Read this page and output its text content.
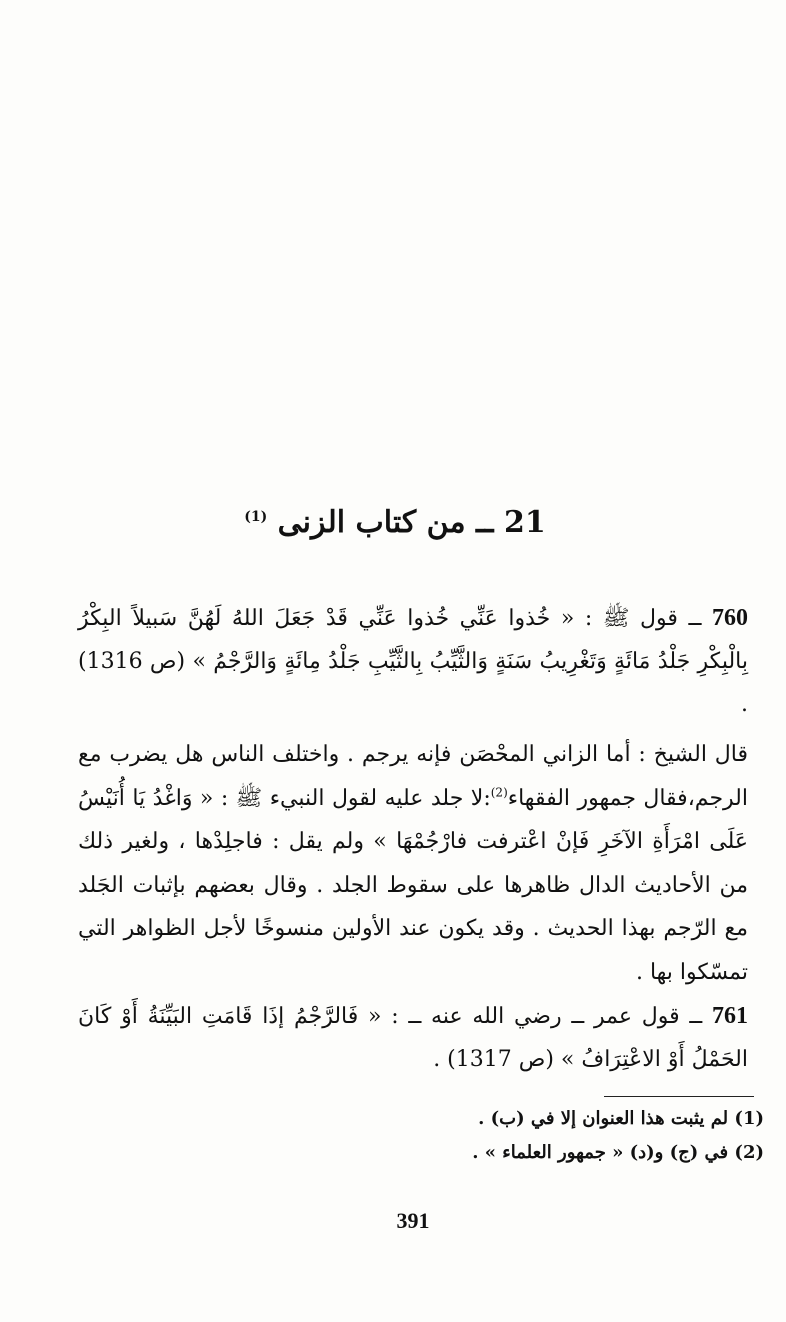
21 ــ من كتاب الزنى $^{(1)}$
760 ــ قول ﷺ : « خُذوا عَنِّي خُذوا عَنِّي قَدْ جَعَلَ اللهُ لَهُنَّ سَبيلاً البِكْرُ بِالْبِكْرِ جَلْدُ مَائَةٍ وَتَغْرِيبُ سَنَةٍ وَالثَّيِّبُ بِالثَّيِّبِ جَلْدُ مِائَةٍ وَالرَّجْمُ » (ص 1316) .
قال الشيخ : أما الزاني المحْصَن فإنه يرجم . واختلف الناس هل يضرب مع الرجم،فقال جمهور الفقهاء$^{(2)}$:لا جلد عليه لقول النبيء ﷺ : « وَاغْدُ يَا أُنَيْسُ عَلَى امْرَأَةِ الآخَرِ فَإنْ اعْترفت فارْجُمْهَا » ولم يقل : فاجلِدْها ، ولغير ذلك من الأحاديث الدال ظاهرها على سقوط الجلد . وقال بعضهم بإثبات الجَلد مع الرّجم بهذا الحديث . وقد يكون عند الأولين منسوخًا لأجل الظواهر التي تمسّكوا بها .
761 ــ قول عمر ــ رضي الله عنه ــ : « فَالرَّجْمُ إذَا قَامَتِ البَيِّنَةُ أَوْ كَانَ الحَمْلُ أَوْ الاعْتِرَافُ » (ص 1317) .
(1) لم يثبت هذا العنوان إلا في (ب) .
(2) في (ج) و(د) « جمهور العلماء » .
391
